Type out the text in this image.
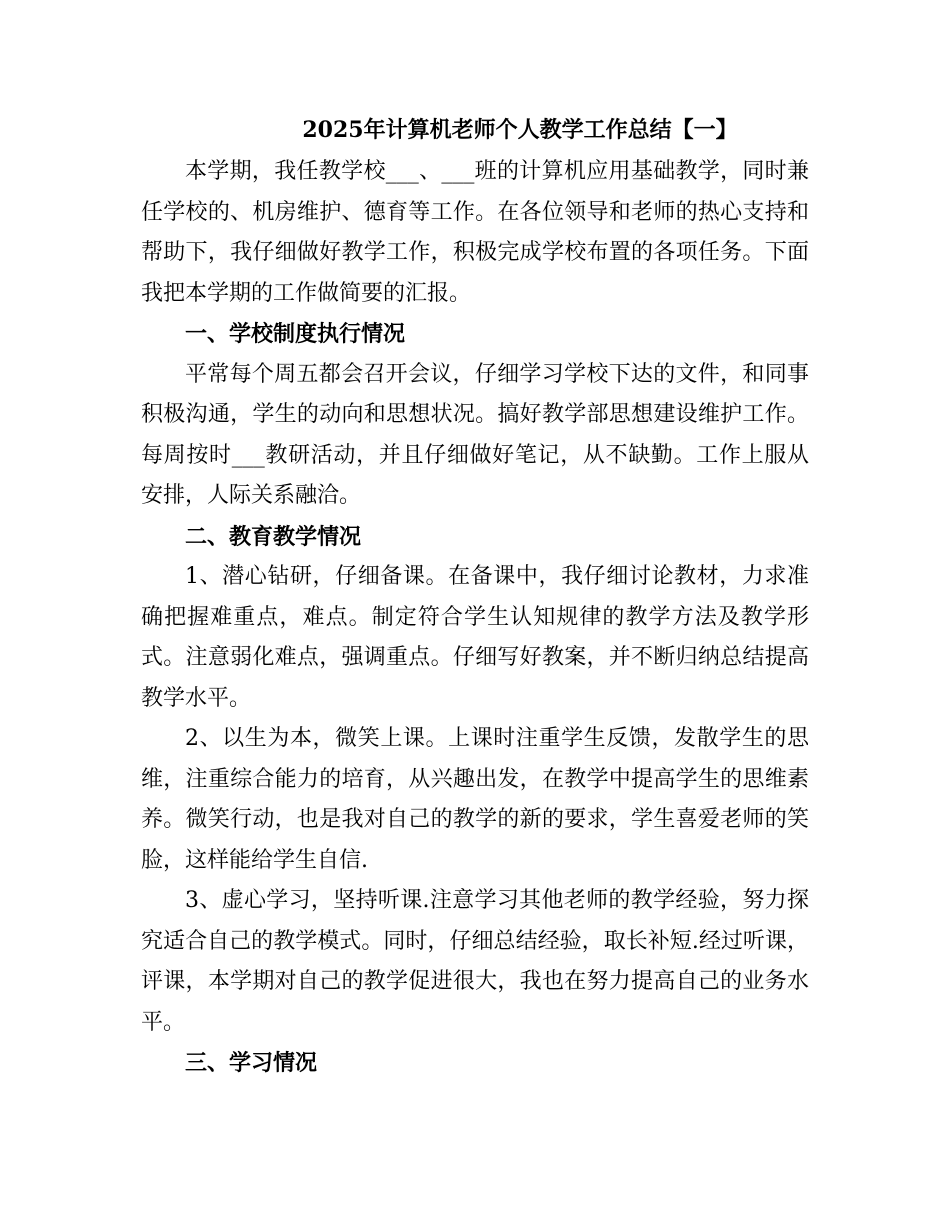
2025年计算机老师个人教学工作总结【一】

本学期，我任教学校___、___班的计算机应用基础教学，同时兼任学校的、机房维护、德育等工作。在各位领导和老师的热心支持和帮助下，我仔细做好教学工作，积极完成学校布置的各项任务。下面我把本学期的工作做简要的汇报。

一、学校制度执行情况

平常每个周五都会召开会议，仔细学习学校下达的文件，和同事积极沟通，学生的动向和思想状况。搞好教学部思想建设维护工作。每周按时___教研活动，并且仔细做好笔记，从不缺勤。工作上服从安排，人际关系融洽。

二、教育教学情况

1、潜心钻研，仔细备课。在备课中，我仔细讨论教材，力求准确把握难重点，难点。制定符合学生认知规律的教学方法及教学形式。注意弱化难点，强调重点。仔细写好教案，并不断归纳总结提高教学水平。

2、以生为本，微笑上课。上课时注重学生反馈，发散学生的思维，注重综合能力的培育，从兴趣出发，在教学中提高学生的思维素养。微笑行动，也是我对自己的教学的新的要求，学生喜爱老师的笑脸，这样能给学生自信.

3、虚心学习，坚持听课.注意学习其他老师的教学经验，努力探究适合自己的教学模式。同时，仔细总结经验，取长补短.经过听课，评课，本学期对自己的教学促进很大，我也在努力提高自己的业务水平。

三、学习情况
